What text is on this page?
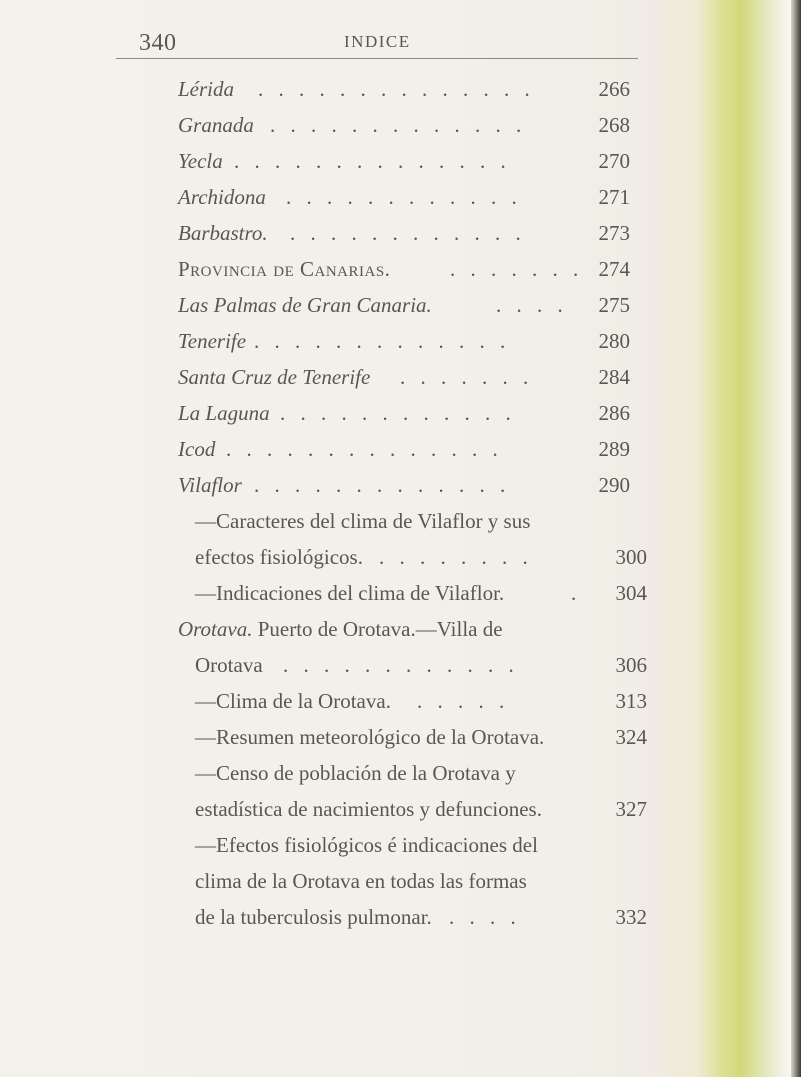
340	INDICE
Lérida . . . . . . . . . . . . . .	266
Granada . . . . . . . . . . . . .	268
Yecla . . . . . . . . . . . . . .	270
Archidona . . . . . . . . . . . .	271
Barbastro. . . . . . . . . . . . .	273
Provincia de Canarias.	. . . . . . . 274
Las Palmas de Gran Canaria.	. . . . 275
Tenerife . . . . . . . . . . . . .	280
Santa Cruz de Tenerife . . . . . . .	284
La Laguna . . . . . . . . . . . .	286
Icod . . . . . . . . . . . . . .	289
Vilaflor . . . . . . . . . . . . .	290
—Caracteres del clima de Vilaflor y sus
efectos fisiológicos. . . . . . . . .	300
—Indicaciones del clima de Vilaflor.	. 304
Orotava. Puerto de Orotava.—Villa de
Orotava . . . . . . . . . . . .	306
—Clima de la Orotava. . . . . .	313
—Resumen meteorológico de la Orotava.	324
—Censo de población de la Orotava y
estadística de nacimientos y defunciones.	327
—Efectos fisiológicos é indicaciones del
clima de la Orotava en todas las formas
de la tuberculosis pulmonar. . . . .	332
